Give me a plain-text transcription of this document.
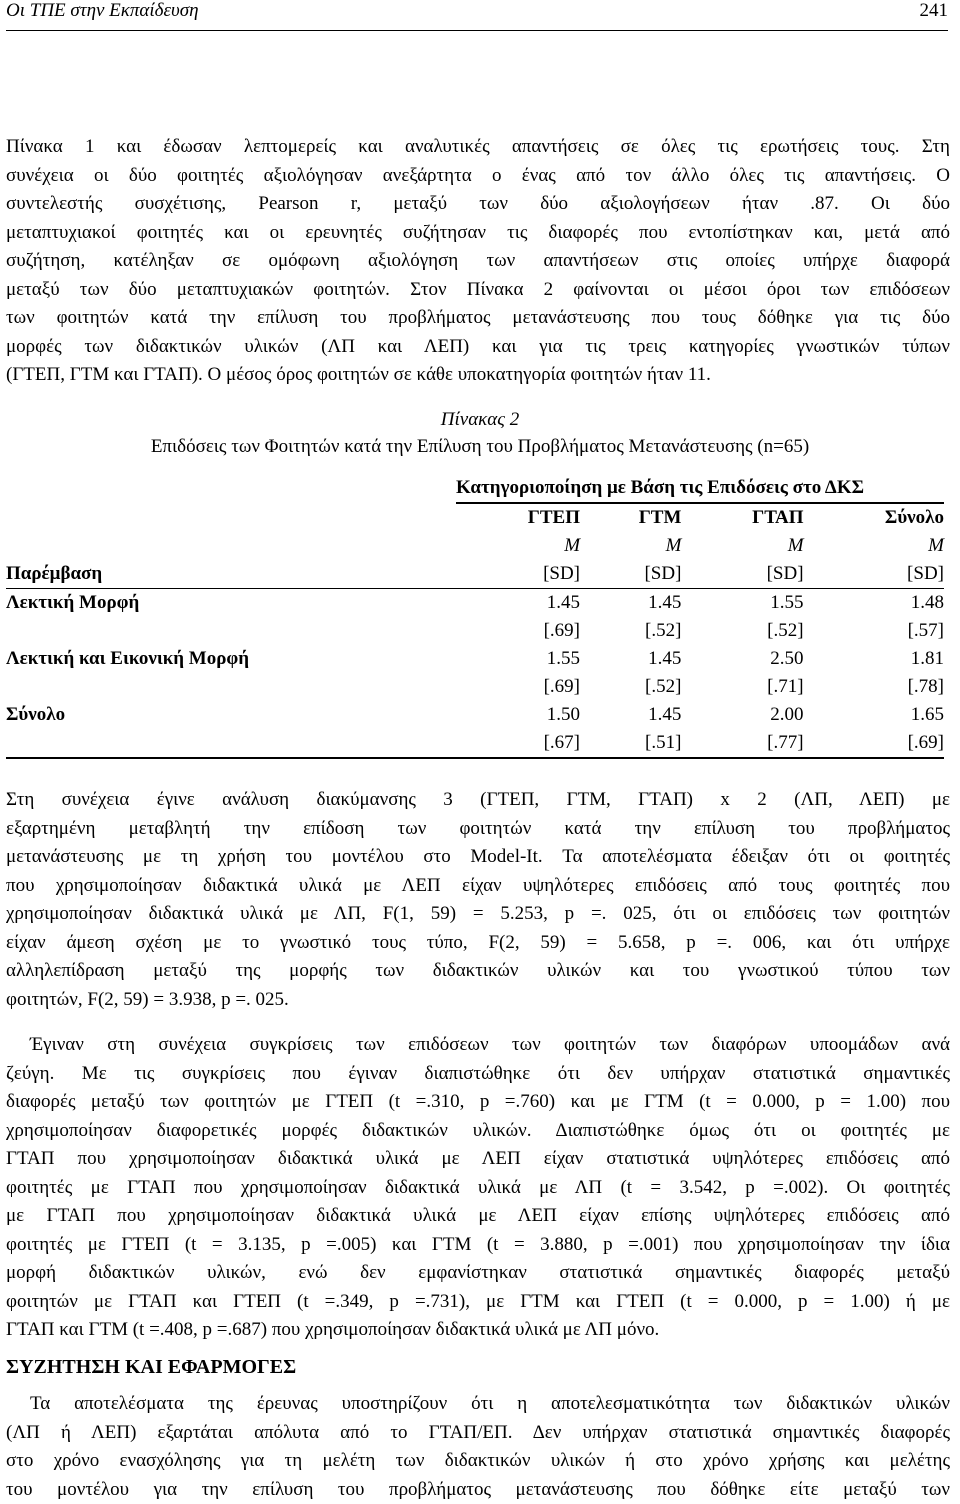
Οι ΤΠΕ στην Εκπαίδευση	241
Πίνακα 1 και έδωσαν λεπτομερείς και αναλυτικές απαντήσεις σε όλες τις ερωτήσεις τους. Στη
συνέχεια οι δύο φοιτητές αξιολόγησαν ανεξάρτητα ο ένας από τον άλλο όλες τις απαντήσεις. Ο
συντελεστής συσχέτισης, Pearson r, μεταξύ των δύο αξιολογήσεων ήταν .87. Οι δύο
μεταπτυχιακοί φοιτητές και οι ερευνητές συζήτησαν τις διαφορές που εντοπίστηκαν και, μετά από
συζήτηση, κατέληξαν σε ομόφωνη αξιολόγηση των απαντήσεων στις οποίες υπήρχε διαφορά
μεταξύ των δύο μεταπτυχιακών φοιτητών. Στον Πίνακα 2 φαίνονται οι μέσοι όροι των επιδόσεων
των φοιτητών κατά την επίλυση του προβλήματος μετανάστευσης που τους δόθηκε για τις δύο
μορφές των διδακτικών υλικών (ΛΠ και ΛΕΠ) και για τις τρεις κατηγορίες γνωστικών τύπων
(ΓΤΕΠ, ΓΤΜ και ΓΤΑΠ). Ο μέσος όρος φοιτητών σε κάθε υποκατηγορία φοιτητών ήταν 11.
Πίνακας 2
Επιδόσεις των Φοιτητών κατά την Επίλυση του Προβλήματος Μετανάστευσης (n=65)
	Κατηγοριοποίηση με Βάση τις Επιδόσεις στο ΔΚΣ			
	ΓΤΕΠ	ΓΤΜ	ΓΤΑΠ	Σύνολο
	M	M	M	M
Παρέμβαση	[SD]	[SD]	[SD]	[SD]
Λεκτική Μορφή	1.45	1.45	1.55	1.48
	[.69]	[.52]	[.52]	[.57]
Λεκτική και Εικονική Μορφή	1.55	1.45	2.50	1.81
	[.69]	[.52]	[.71]	[.78]
Σύνολο	1.50	1.45	2.00	1.65
	[.67]	[.51]	[.77]	[.69]
Στη συνέχεια έγινε ανάλυση διακύμανσης 3 (ΓΤΕΠ, ΓΤΜ, ΓΤΑΠ) x 2 (ΛΠ, ΛΕΠ) με
εξαρτημένη μεταβλητή την επίδοση των φοιτητών κατά την επίλυση του προβλήματος
μετανάστευσης με τη χρήση του μοντέλου στο Model-It. Τα αποτελέσματα έδειξαν ότι οι φοιτητές
που χρησιμοποίησαν διδακτικά υλικά με ΛΕΠ είχαν υψηλότερες επιδόσεις από τους φοιτητές που
χρησιμοποίησαν διδακτικά υλικά με ΛΠ, F(1, 59) = 5.253, p =. 025, ότι οι επιδόσεις των φοιτητών
είχαν άμεση σχέση με το γνωστικό τους τύπο, F(2, 59) = 5.658, p =. 006, και ότι υπήρχε
αλληλεπίδραση μεταξύ της μορφής των διδακτικών υλικών και του γνωστικού τύπου των
φοιτητών, F(2, 59) = 3.938, p =. 025.
Έγιναν στη συνέχεια συγκρίσεις των επιδόσεων των φοιτητών των διαφόρων υποομάδων ανά
ζεύγη. Με τις συγκρίσεις που έγιναν διαπιστώθηκε ότι δεν υπήρχαν στατιστικά σημαντικές
διαφορές μεταξύ των φοιτητών με ΓΤΕΠ (t =.310, p =.760) και με ΓΤΜ (t = 0.000, p = 1.00) που
χρησιμοποίησαν διαφορετικές μορφές διδακτικών υλικών. Διαπιστώθηκε όμως ότι οι φοιτητές με
ΓΤΑΠ που χρησιμοποίησαν διδακτικά υλικά με ΛΕΠ είχαν στατιστικά υψηλότερες επιδόσεις από
φοιτητές με ΓΤΑΠ που χρησιμοποίησαν διδακτικά υλικά με ΛΠ (t = 3.542, p =.002). Οι φοιτητές
με ΓΤΑΠ που χρησιμοποίησαν διδακτικά υλικά με ΛΕΠ είχαν επίσης υψηλότερες επιδόσεις από
φοιτητές με ΓΤΕΠ (t = 3.135, p =.005) και ΓΤΜ (t = 3.880, p =.001) που χρησιμοποίησαν την ίδια
μορφή διδακτικών υλικών, ενώ δεν εμφανίστηκαν στατιστικά σημαντικές διαφορές μεταξύ
φοιτητών με ΓΤΑΠ και ΓΤΕΠ (t =.349, p =.731), με ΓΤΜ και ΓΤΕΠ (t = 0.000, p = 1.00) ή με
ΓΤΑΠ και ΓΤΜ (t =.408, p =.687) που χρησιμοποίησαν διδακτικά υλικά με ΛΠ μόνο.
ΣΥΖΗΤΗΣΗ ΚΑΙ ΕΦΑΡΜΟΓΕΣ
Τα αποτελέσματα της έρευνας υποστηρίζουν ότι η αποτελεσματικότητα των διδακτικών υλικών
(ΛΠ ή ΛΕΠ) εξαρτάται απόλυτα από το ΓΤΑΠ/ΕΠ. Δεν υπήρχαν στατιστικά σημαντικές διαφορές
στο χρόνο ενασχόλησης για τη μελέτη των διδακτικών υλικών ή στο χρόνο χρήσης και μελέτης
του μοντέλου για την επίλυση του προβλήματος μετανάστευσης που δόθηκε είτε μεταξύ των
